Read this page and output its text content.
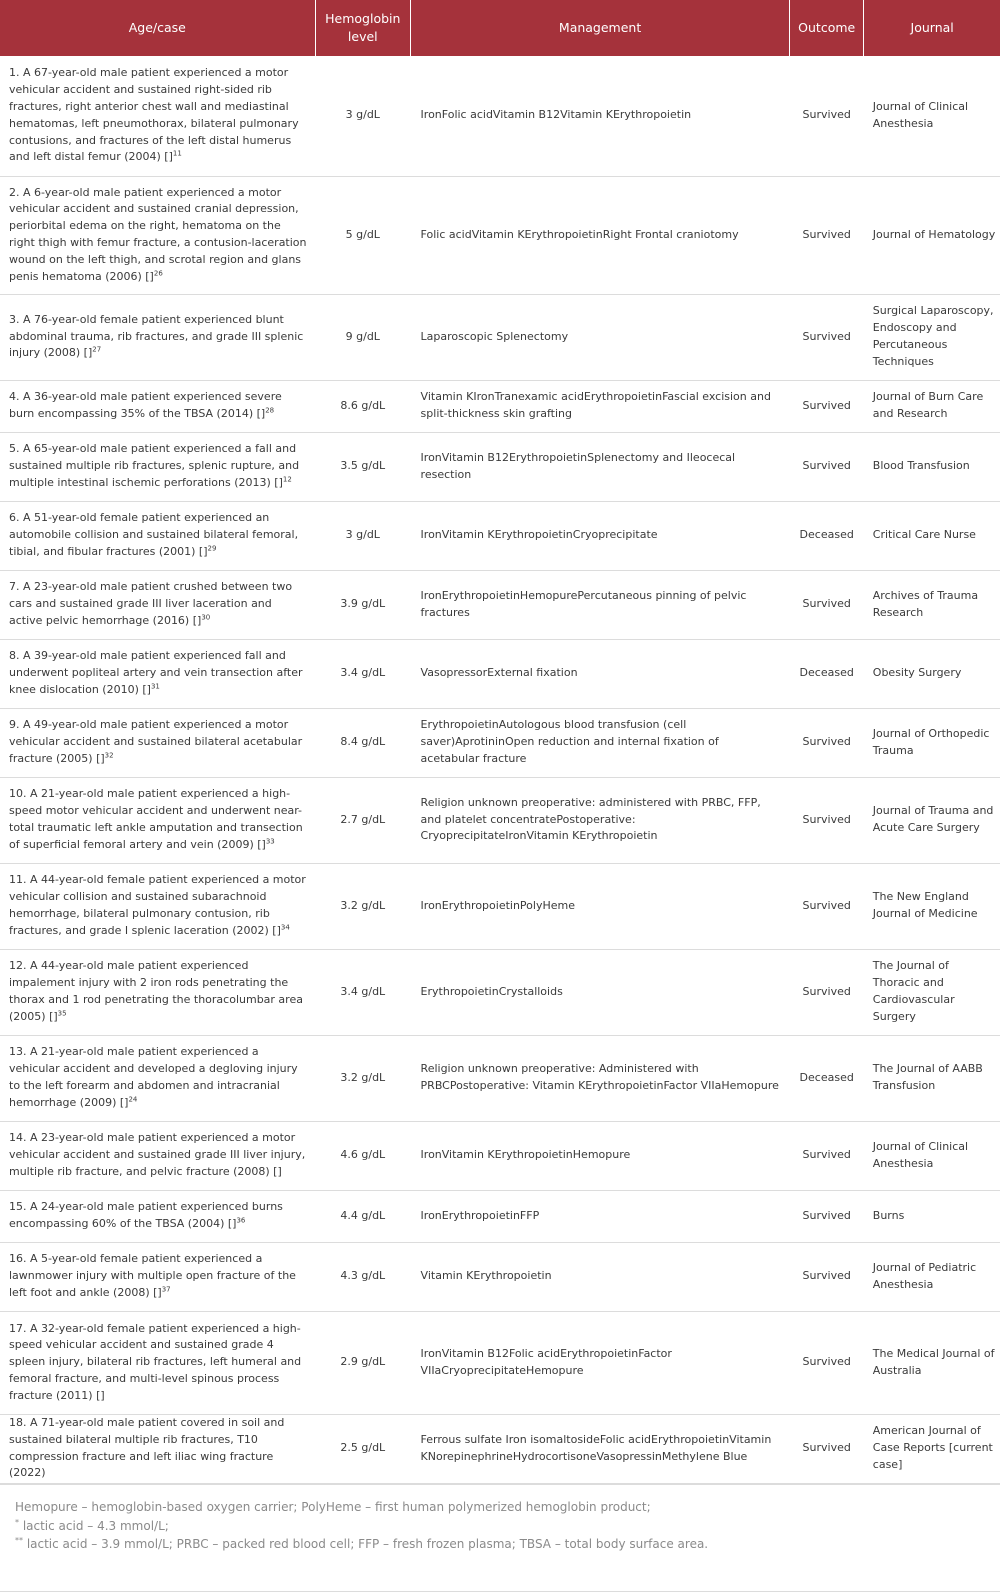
Age/case	Hemoglobin level	Management	Outcome	Journal
1. A 67-year-old male patient experienced a motor vehicular accident and sustained right-sided rib fractures, right anterior chest wall and mediastinal hematomas, left pneumothorax, bilateral pulmonary contusions, and fractures of the left distal humerus and left distal femur (2004) []$^{11}$	3 g/dL	IronFolic acidVitamin B12Vitamin KErythropoietin	Survived	Journal of Clinical Anesthesia
2. A 6-year-old male patient experienced a motor vehicular accident and sustained cranial depression, periorbital edema on the right, hematoma on the right thigh with femur fracture, a contusion-laceration wound on the left thigh, and scrotal region and glans penis hematoma (2006) []$^{26}$	5 g/dL	Folic acidVitamin KErythropoietinRight Frontal craniotomy	Survived	Journal of Hematology
3. A 76-year-old female patient experienced blunt abdominal trauma, rib fractures, and grade III splenic injury (2008) []$^{27}$	9 g/dL	Laparoscopic Splenectomy	Survived	Surgical Laparoscopy, Endoscopy and Percutaneous Techniques
4. A 36-year-old male patient experienced severe burn encompassing 35% of the TBSA (2014) []$^{28}$	8.6 g/dL	Vitamin KIronTranexamic acidErythropoietinFascial excision and split-thickness skin grafting	Survived	Journal of Burn Care and Research
5. A 65-year-old male patient experienced a fall and sustained multiple rib fractures, splenic rupture, and multiple intestinal ischemic perforations (2013) []$^{12}$	3.5 g/dL	IronVitamin B12ErythropoietinSplenectomy and Ileocecal resection	Survived	Blood Transfusion
6. A 51-year-old female patient experienced an automobile collision and sustained bilateral femoral, tibial, and fibular fractures (2001) []$^{29}$	3 g/dL	IronVitamin KErythropoietinCryoprecipitate	Deceased	Critical Care Nurse
7. A 23-year-old male patient crushed between two cars and sustained grade III liver laceration and active pelvic hemorrhage (2016) []$^{30}$	3.9 g/dL	IronErythropoietinHemopurePercutaneous pinning of pelvic fractures	Survived	Archives of Trauma Research
8. A 39-year-old male patient experienced fall and underwent popliteal artery and vein transection after knee dislocation (2010) []$^{31}$	3.4 g/dL	VasopressorExternal fixation	Deceased	Obesity Surgery
9. A 49-year-old male patient experienced a motor vehicular accident and sustained bilateral acetabular fracture (2005) []$^{32}$	8.4 g/dL	ErythropoietinAutologous blood transfusion (cell saver)AprotininOpen reduction and internal fixation of acetabular fracture	Survived	Journal of Orthopedic Trauma
10. A 21-year-old male patient experienced a high-speed motor vehicular accident and underwent near-total traumatic left ankle amputation and transection of superficial femoral artery and vein (2009) []$^{33}$	2.7 g/dL	Religion unknown preoperative: administered with PRBC, FFP, and platelet concentratePostoperative: CryoprecipitateIronVitamin KErythropoietin	Survived	Journal of Trauma and Acute Care Surgery
11. A 44-year-old female patient experienced a motor vehicular collision and sustained subarachnoid hemorrhage, bilateral pulmonary contusion, rib fractures, and grade I splenic laceration (2002) []$^{34}$	3.2 g/dL	IronErythropoietinPolyHeme	Survived	The New England Journal of Medicine
12. A 44-year-old male patient experienced impalement injury with 2 iron rods penetrating the thorax and 1 rod penetrating the thoracolumbar area (2005) []$^{35}$	3.4 g/dL	ErythropoietinCrystalloids	Survived	The Journal of Thoracic and Cardiovascular Surgery
13. A 21-year-old male patient experienced a vehicular accident and developed a degloving injury to the left forearm and abdomen and intracranial hemorrhage (2009) []$^{24}$	3.2 g/dL	Religion unknown preoperative: Administered with PRBCPostoperative: Vitamin KErythropoietinFactor VIIaHemopure	Deceased	The Journal of AABB Transfusion
14. A 23-year-old male patient experienced a motor vehicular accident and sustained grade III liver injury, multiple rib fracture, and pelvic fracture (2008) []	4.6 g/dL	IronVitamin KErythropoietinHemopure	Survived	Journal of Clinical Anesthesia
15. A 24-year-old male patient experienced burns encompassing 60% of the TBSA (2004) []$^{36}$	4.4 g/dL	IronErythropoietinFFP	Survived	Burns
16. A 5-year-old female patient experienced a lawnmower injury with multiple open fracture of the left foot and ankle (2008) []$^{37}$	4.3 g/dL	Vitamin KErythropoietin	Survived	Journal of Pediatric Anesthesia
17. A 32-year-old female patient experienced a high-speed vehicular accident and sustained grade 4 spleen injury, bilateral rib fractures, left humeral and femoral fracture, and multi-level spinous process fracture (2011) []	2.9 g/dL	IronVitamin B12Folic acidErythropoietinFactor VIIaCryoprecipitateHemopure	Survived	The Medical Journal of Australia
18. A 71-year-old male patient covered in soil and sustained bilateral multiple rib fractures, T10 compression fracture and left iliac wing fracture (2022)	2.5 g/dL	Ferrous sulfate Iron isomaltosideFolic acidErythropoietinVitamin KNorepinephrineHydrocortisoneVasopressinMethylene Blue	Survived	American Journal of Case Reports [current case]
Hemopure – hemoglobin-based oxygen carrier; PolyHeme – first human polymerized hemoglobin product;
* lactic acid – 4.3 mmol/L;
** lactic acid – 3.9 mmol/L; PRBC – packed red blood cell; FFP – fresh frozen plasma; TBSA – total body surface area.
